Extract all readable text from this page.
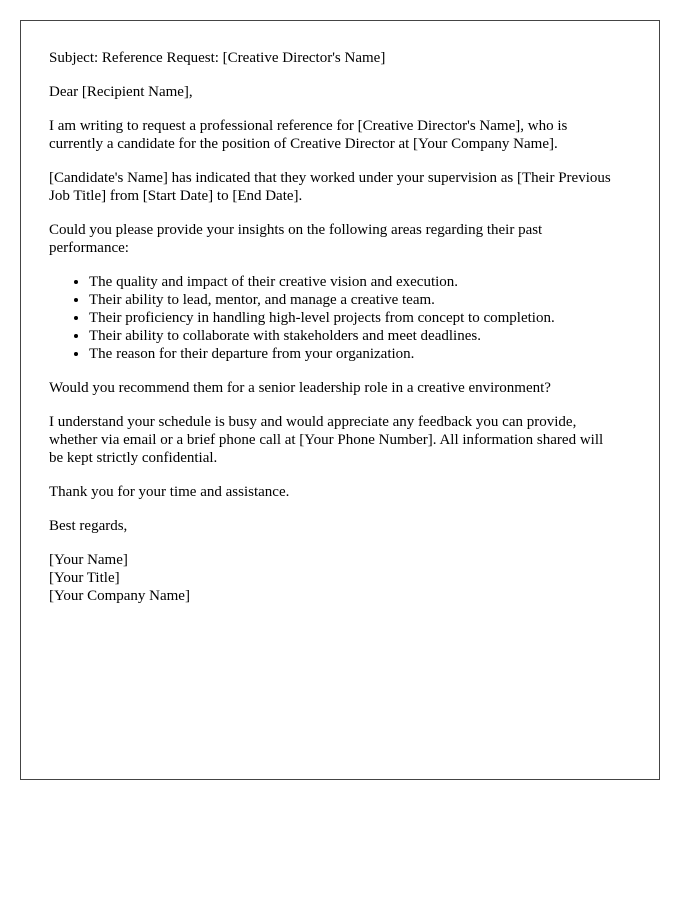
Subject: Reference Request: [Creative Director's Name]

Dear [Recipient Name],

I am writing to request a professional reference for [Creative Director's Name], who is currently a candidate for the position of Creative Director at [Your Company Name].

[Candidate's Name] has indicated that they worked under your supervision as [Their Previous Job Title] from [Start Date] to [End Date].

Could you please provide your insights on the following areas regarding their past performance:

• The quality and impact of their creative vision and execution.
• Their ability to lead, mentor, and manage a creative team.
• Their proficiency in handling high-level projects from concept to completion.
• Their ability to collaborate with stakeholders and meet deadlines.
• The reason for their departure from your organization.

Would you recommend them for a senior leadership role in a creative environment?

I understand your schedule is busy and would appreciate any feedback you can provide, whether via email or a brief phone call at [Your Phone Number]. All information shared will be kept strictly confidential.

Thank you for your time and assistance.

Best regards,

[Your Name]
[Your Title]
[Your Company Name]
